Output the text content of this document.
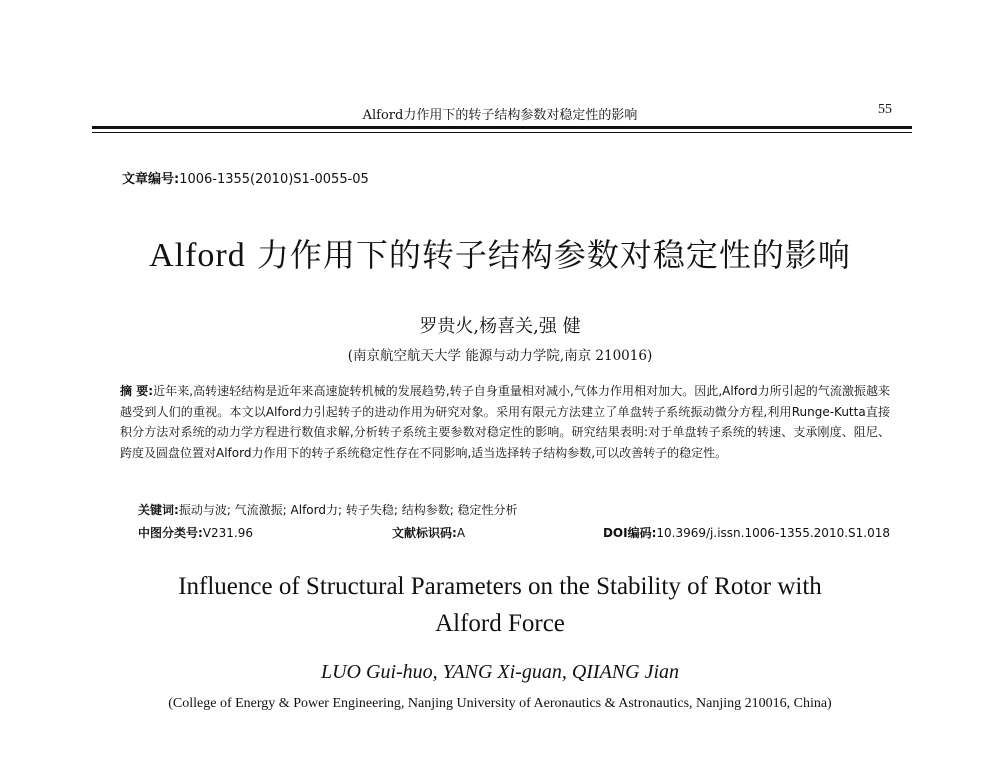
Alford力作用下的转子结构参数对稳定性的影响	55
文章编号:1006-1355(2010)S1-0055-05
Alford 力作用下的转子结构参数对稳定性的影响
罗贵火,杨喜关,强 健
(南京航空航天大学 能源与动力学院,南京 210016)
摘 要:近年来,高转速轻结构是近年来高速旋转机械的发展趋势,转子自身重量相对减小,气体力作用相对加大。因此,Alford力所引起的气流激振越来越受到人们的重视。本文以Alford力引起转子的进动作用为研究对象。采用有限元方法建立了单盘转子系统振动微分方程,利用Runge-Kutta直接积分方法对系统的动力学方程进行数值求解,分析转子系统主要参数对稳定性的影响。研究结果表明:对于单盘转子系统的转速、支承刚度、阻尼、跨度及圆盘位置对Alford力作用下的转子系统稳定性存在不同影响,适当选择转子结构参数,可以改善转子的稳定性。
关键词:振动与波; 气流激振; Alford力; 转子失稳; 结构参数; 稳定性分析
中图分类号:V231.96	文献标识码:A	DOI编码:10.3969/j.issn.1006-1355.2010.S1.018
Influence of Structural Parameters on the Stability of Rotor with
Alford Force
LUO Gui-huo, YANG Xi-guan, QIIANG Jian
(College of Energy & Power Engineering, Nanjing University of Aeronautics & Astronautics, Nanjing 210016, China)
